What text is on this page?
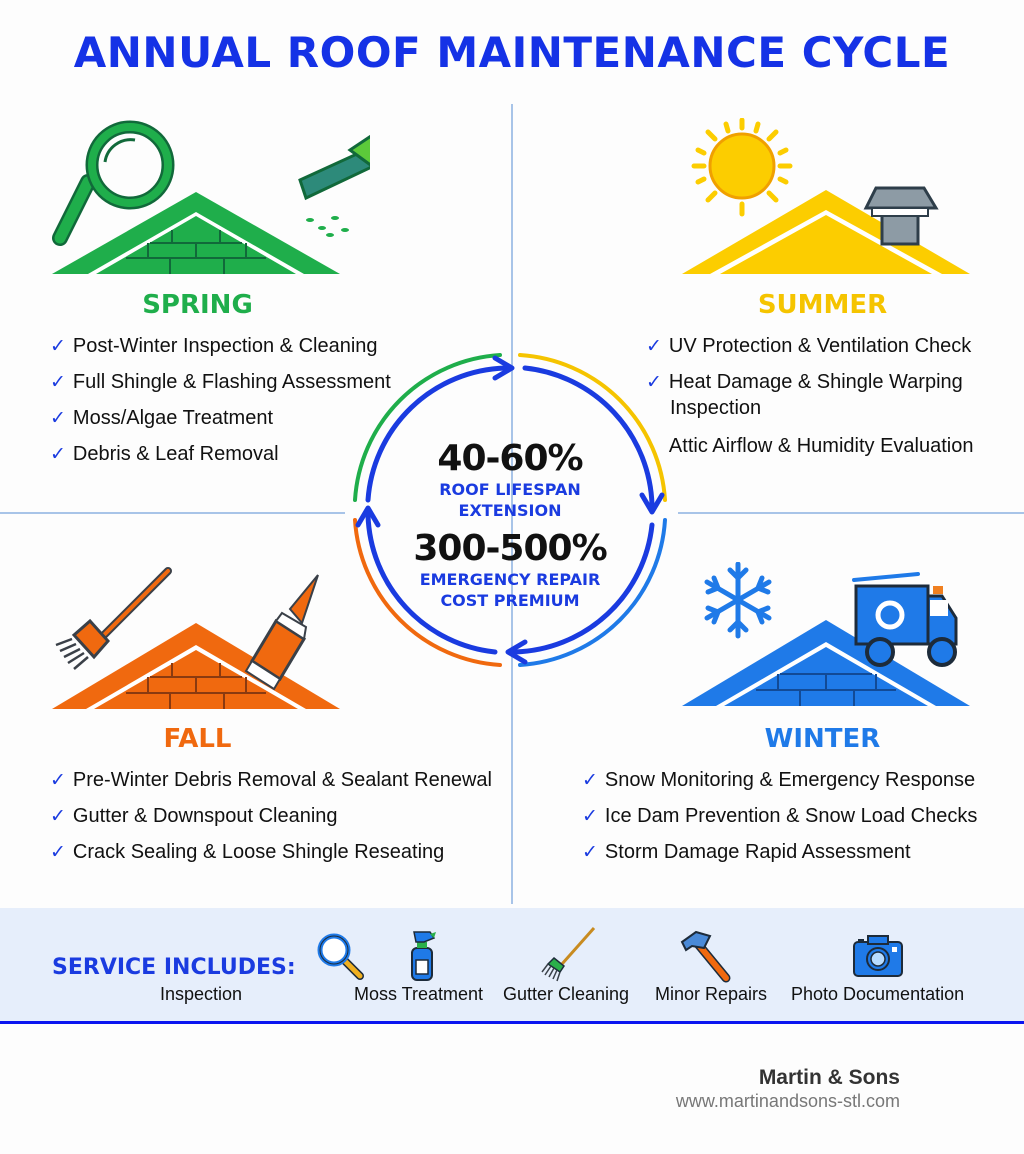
ANNUAL ROOF MAINTENANCE CYCLE
SPRING
✓ Post-Winter Inspection & Cleaning
✓ Full Shingle & Flashing Assessment
✓ Moss/Algae Treatment
✓ Debris & Leaf Removal
SUMMER
✓ UV Protection & Ventilation Check
✓ Heat Damage & Shingle Warping
Inspection
Attic Airflow & Humidity Evaluation
40-60%
ROOF LIFESPAN
EXTENSION
300-500%
EMERGENCY REPAIR
COST PREMIUM
FALL
✓ Pre-Winter Debris Removal & Sealant Renewal
✓ Gutter & Downspout Cleaning
✓ Crack Sealing & Loose Shingle Reseating
WINTER
✓ Snow Monitoring & Emergency Response
✓ Ice Dam Prevention & Snow Load Checks
✓ Storm Damage Rapid Assessment
SERVICE INCLUDES:
Inspection	Moss Treatment Gutter Cleaning Minor Repairs Photo Documentation
Martin & Sons
www.martinandsons-stl.com
